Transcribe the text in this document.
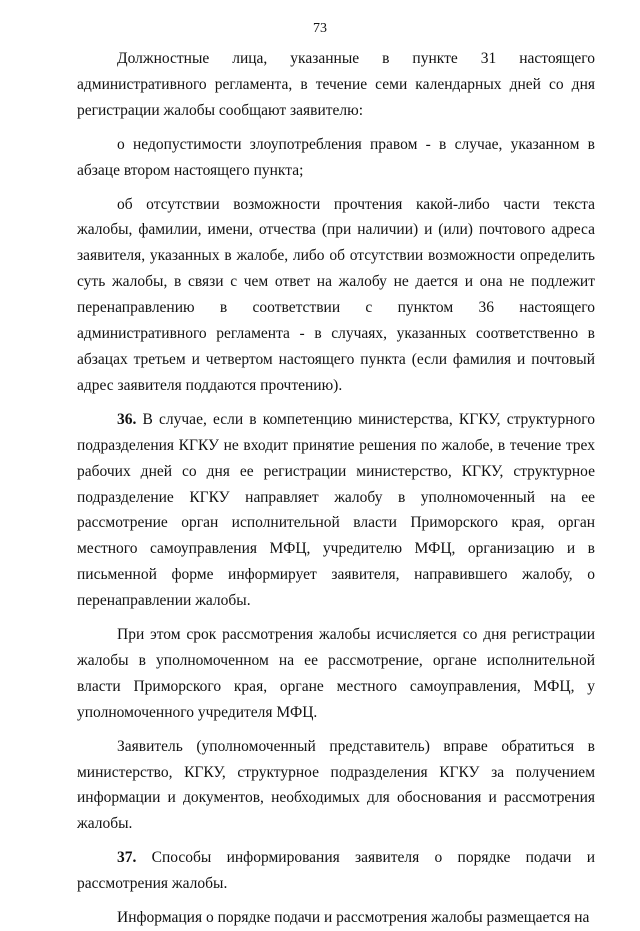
73

Должностные лица, указанные в пункте 31 настоящего административного регламента, в течение семи календарных дней со дня регистрации жалобы сообщают заявителю:

о недопустимости злоупотребления правом - в случае, указанном в абзаце втором настоящего пункта;

об отсутствии возможности прочтения какой-либо части текста жалобы, фамилии, имени, отчества (при наличии) и (или) почтового адреса заявителя, указанных в жалобе, либо об отсутствии возможности определить суть жалобы, в связи с чем ответ на жалобу не дается и она не подлежит перенаправлению в соответствии с пунктом 36 настоящего административного регламента - в случаях, указанных соответственно в абзацах третьем и четвертом настоящего пункта (если фамилия и почтовый адрес заявителя поддаются прочтению).

36. В случае, если в компетенцию министерства, КГКУ, структурного подразделения КГКУ не входит принятие решения по жалобе, в течение трех рабочих дней со дня ее регистрации министерство, КГКУ, структурное подразделение КГКУ направляет жалобу в уполномоченный на ее рассмотрение орган исполнительной власти Приморского края, орган местного самоуправления МФЦ, учредителю МФЦ, организацию и в письменной форме информирует заявителя, направившего жалобу, о перенаправлении жалобы.

При этом срок рассмотрения жалобы исчисляется со дня регистрации жалобы в уполномоченном на ее рассмотрение, органе исполнительной власти Приморского края, органе местного самоуправления, МФЦ, у уполномоченного учредителя МФЦ.

Заявитель (уполномоченный представитель) вправе обратиться в министерство, КГКУ, структурное подразделения КГКУ за получением информации и документов, необходимых для обоснования и рассмотрения жалобы.

37. Способы информирования заявителя о порядке подачи и рассмотрения жалобы.

Информация о порядке подачи и рассмотрения жалобы размещается на
